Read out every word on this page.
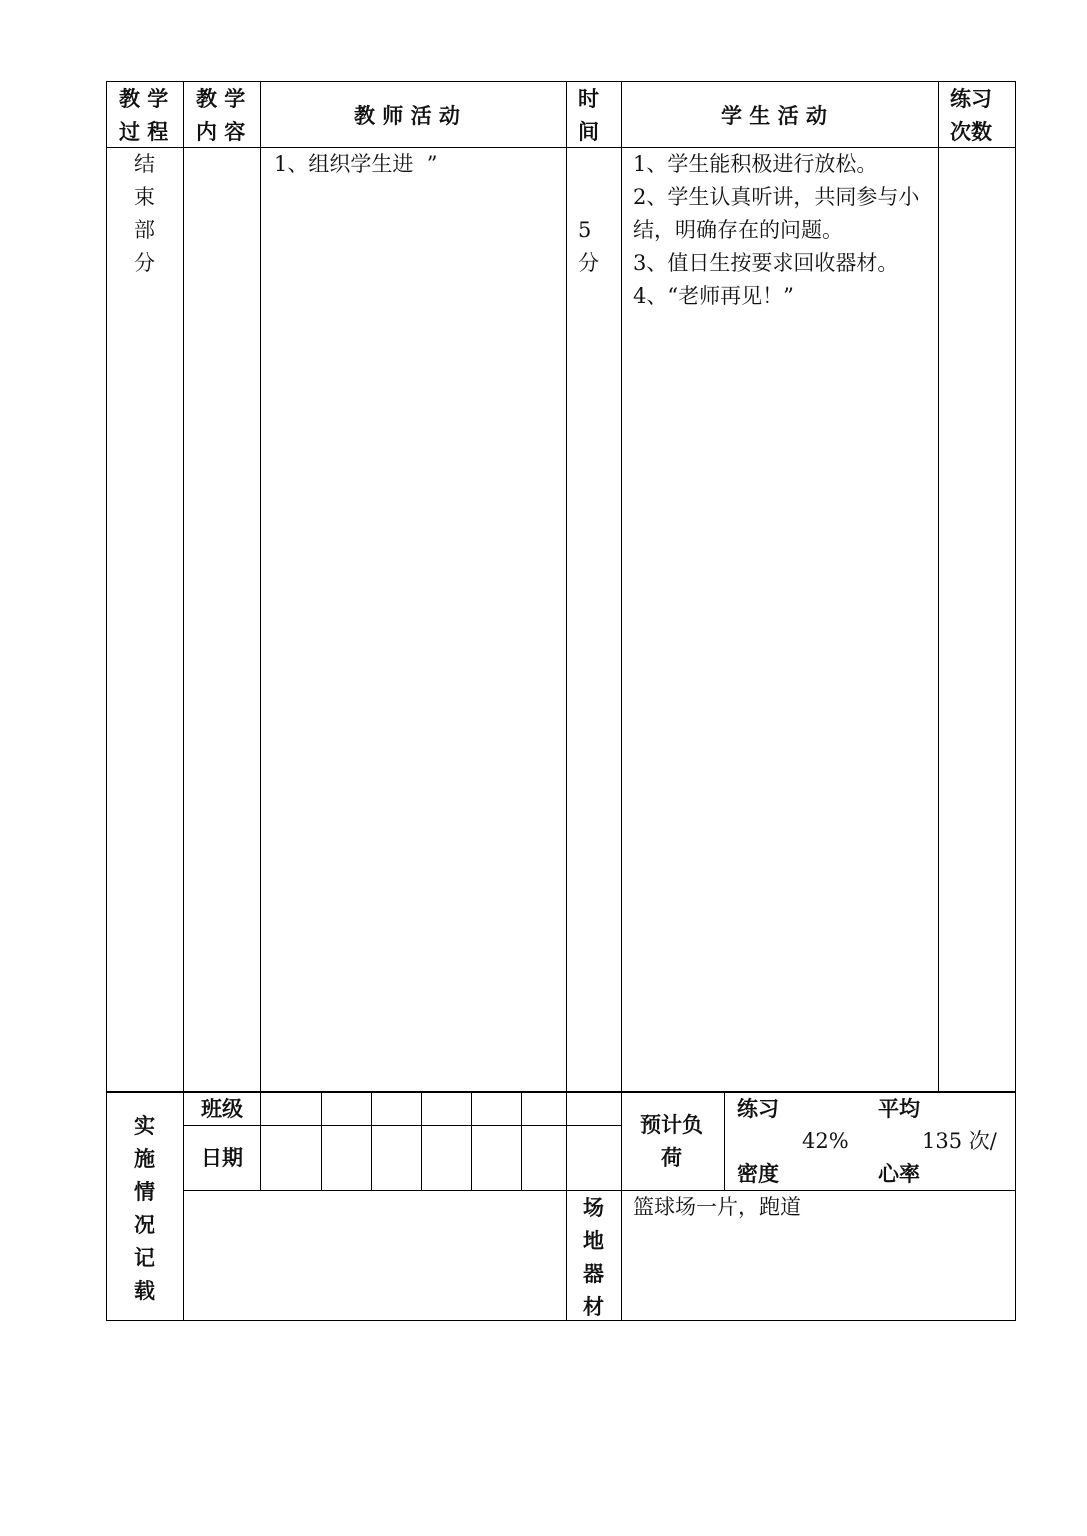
教 学
过 程
教 学
内 容
教 师 活 动
时
间
学 生 活 动
练习
次数
结
束
部
分
1、组织学生进  ”
5
分
1、学生能积极进行放松。
2、学生认真听讲，共同参与小
结，明确存在的问题。
3、值日生按要求回收器材。
4、“老师再见！”
实
施
情
况
记
载
班级
日期
预计负
荷
练习
42%
密度
平均
135 次/
心率
场
地
器
材
篮球场一片，跑道
